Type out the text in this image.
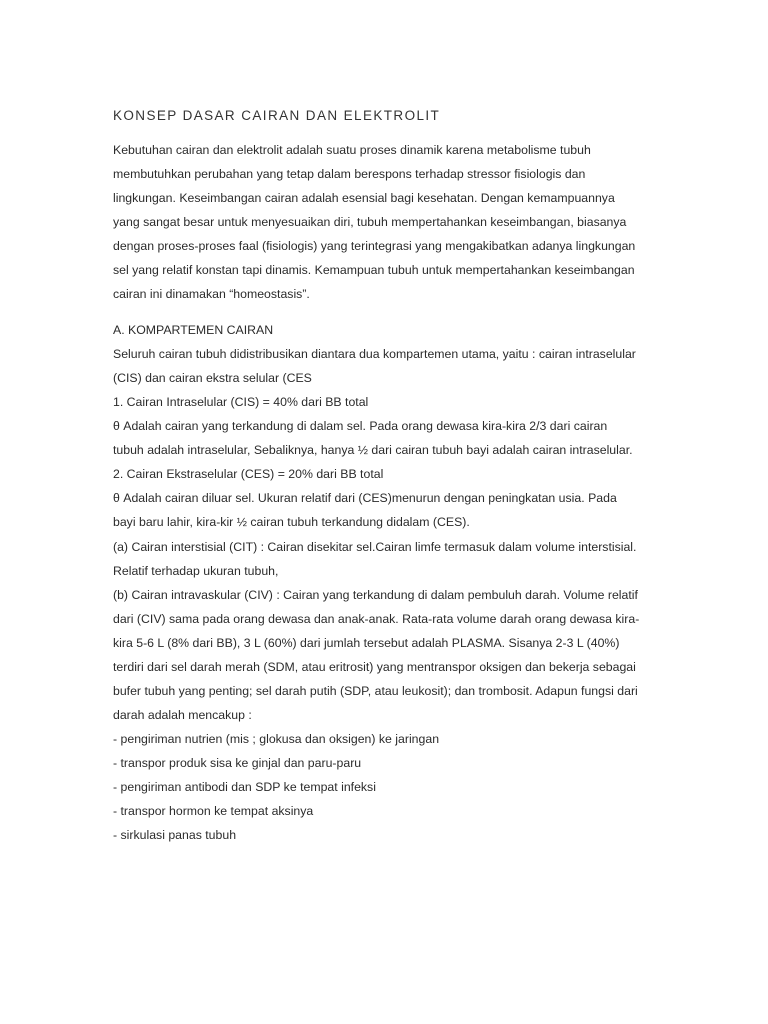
KONSEP DASAR CAIRAN DAN ELEKTROLIT

Kebutuhan cairan dan elektrolit adalah suatu proses dinamik karena metabolisme tubuh

membutuhkan perubahan yang tetap dalam berespons terhadap stressor fisiologis dan

lingkungan. Keseimbangan cairan adalah esensial bagi kesehatan. Dengan kemampuannya

yang sangat besar untuk menyesuaikan diri, tubuh mempertahankan keseimbangan, biasanya

dengan proses-proses faal (fisiologis) yang terintegrasi yang mengakibatkan adanya lingkungan

sel yang relatif konstan tapi dinamis. Kemampuan tubuh untuk mempertahankan keseimbangan

cairan ini dinamakan “homeostasis”.

A. KOMPARTEMEN CAIRAN

Seluruh cairan tubuh didistribusikan diantara dua kompartemen utama, yaitu : cairan intraselular

(CIS) dan cairan ekstra selular (CES

1. Cairan Intraselular (CIS) = 40% dari BB total

θ Adalah cairan yang terkandung di dalam sel. Pada orang dewasa kira-kira 2/3 dari cairan

tubuh adalah intraselular, Sebaliknya, hanya ½ dari cairan tubuh bayi adalah cairan intraselular.

2. Cairan Ekstraselular (CES) = 20% dari BB total

θ Adalah cairan diluar sel. Ukuran relatif dari (CES)menurun dengan peningkatan usia. Pada

bayi baru lahir, kira-kir ½ cairan tubuh terkandung didalam (CES).

(a) Cairan interstisial (CIT) : Cairan disekitar sel.Cairan limfe termasuk dalam volume interstisial.

Relatif terhadap ukuran tubuh,

(b) Cairan intravaskular (CIV) : Cairan yang terkandung di dalam pembuluh darah. Volume relatif

dari (CIV) sama pada orang dewasa dan anak-anak. Rata-rata volume darah orang dewasa kira-

kira 5-6 L (8% dari BB), 3 L (60%) dari jumlah tersebut adalah PLASMA. Sisanya 2-3 L (40%)

terdiri dari sel darah merah (SDM, atau eritrosit) yang mentranspor oksigen dan bekerja sebagai

bufer tubuh yang penting; sel darah putih (SDP, atau leukosit); dan trombosit. Adapun fungsi dari

darah adalah mencakup :

- pengiriman nutrien (mis ; glokusa dan oksigen) ke jaringan

- transpor produk sisa ke ginjal dan paru-paru

- pengiriman antibodi dan SDP ke tempat infeksi

- transpor hormon ke tempat aksinya

- sirkulasi panas tubuh
